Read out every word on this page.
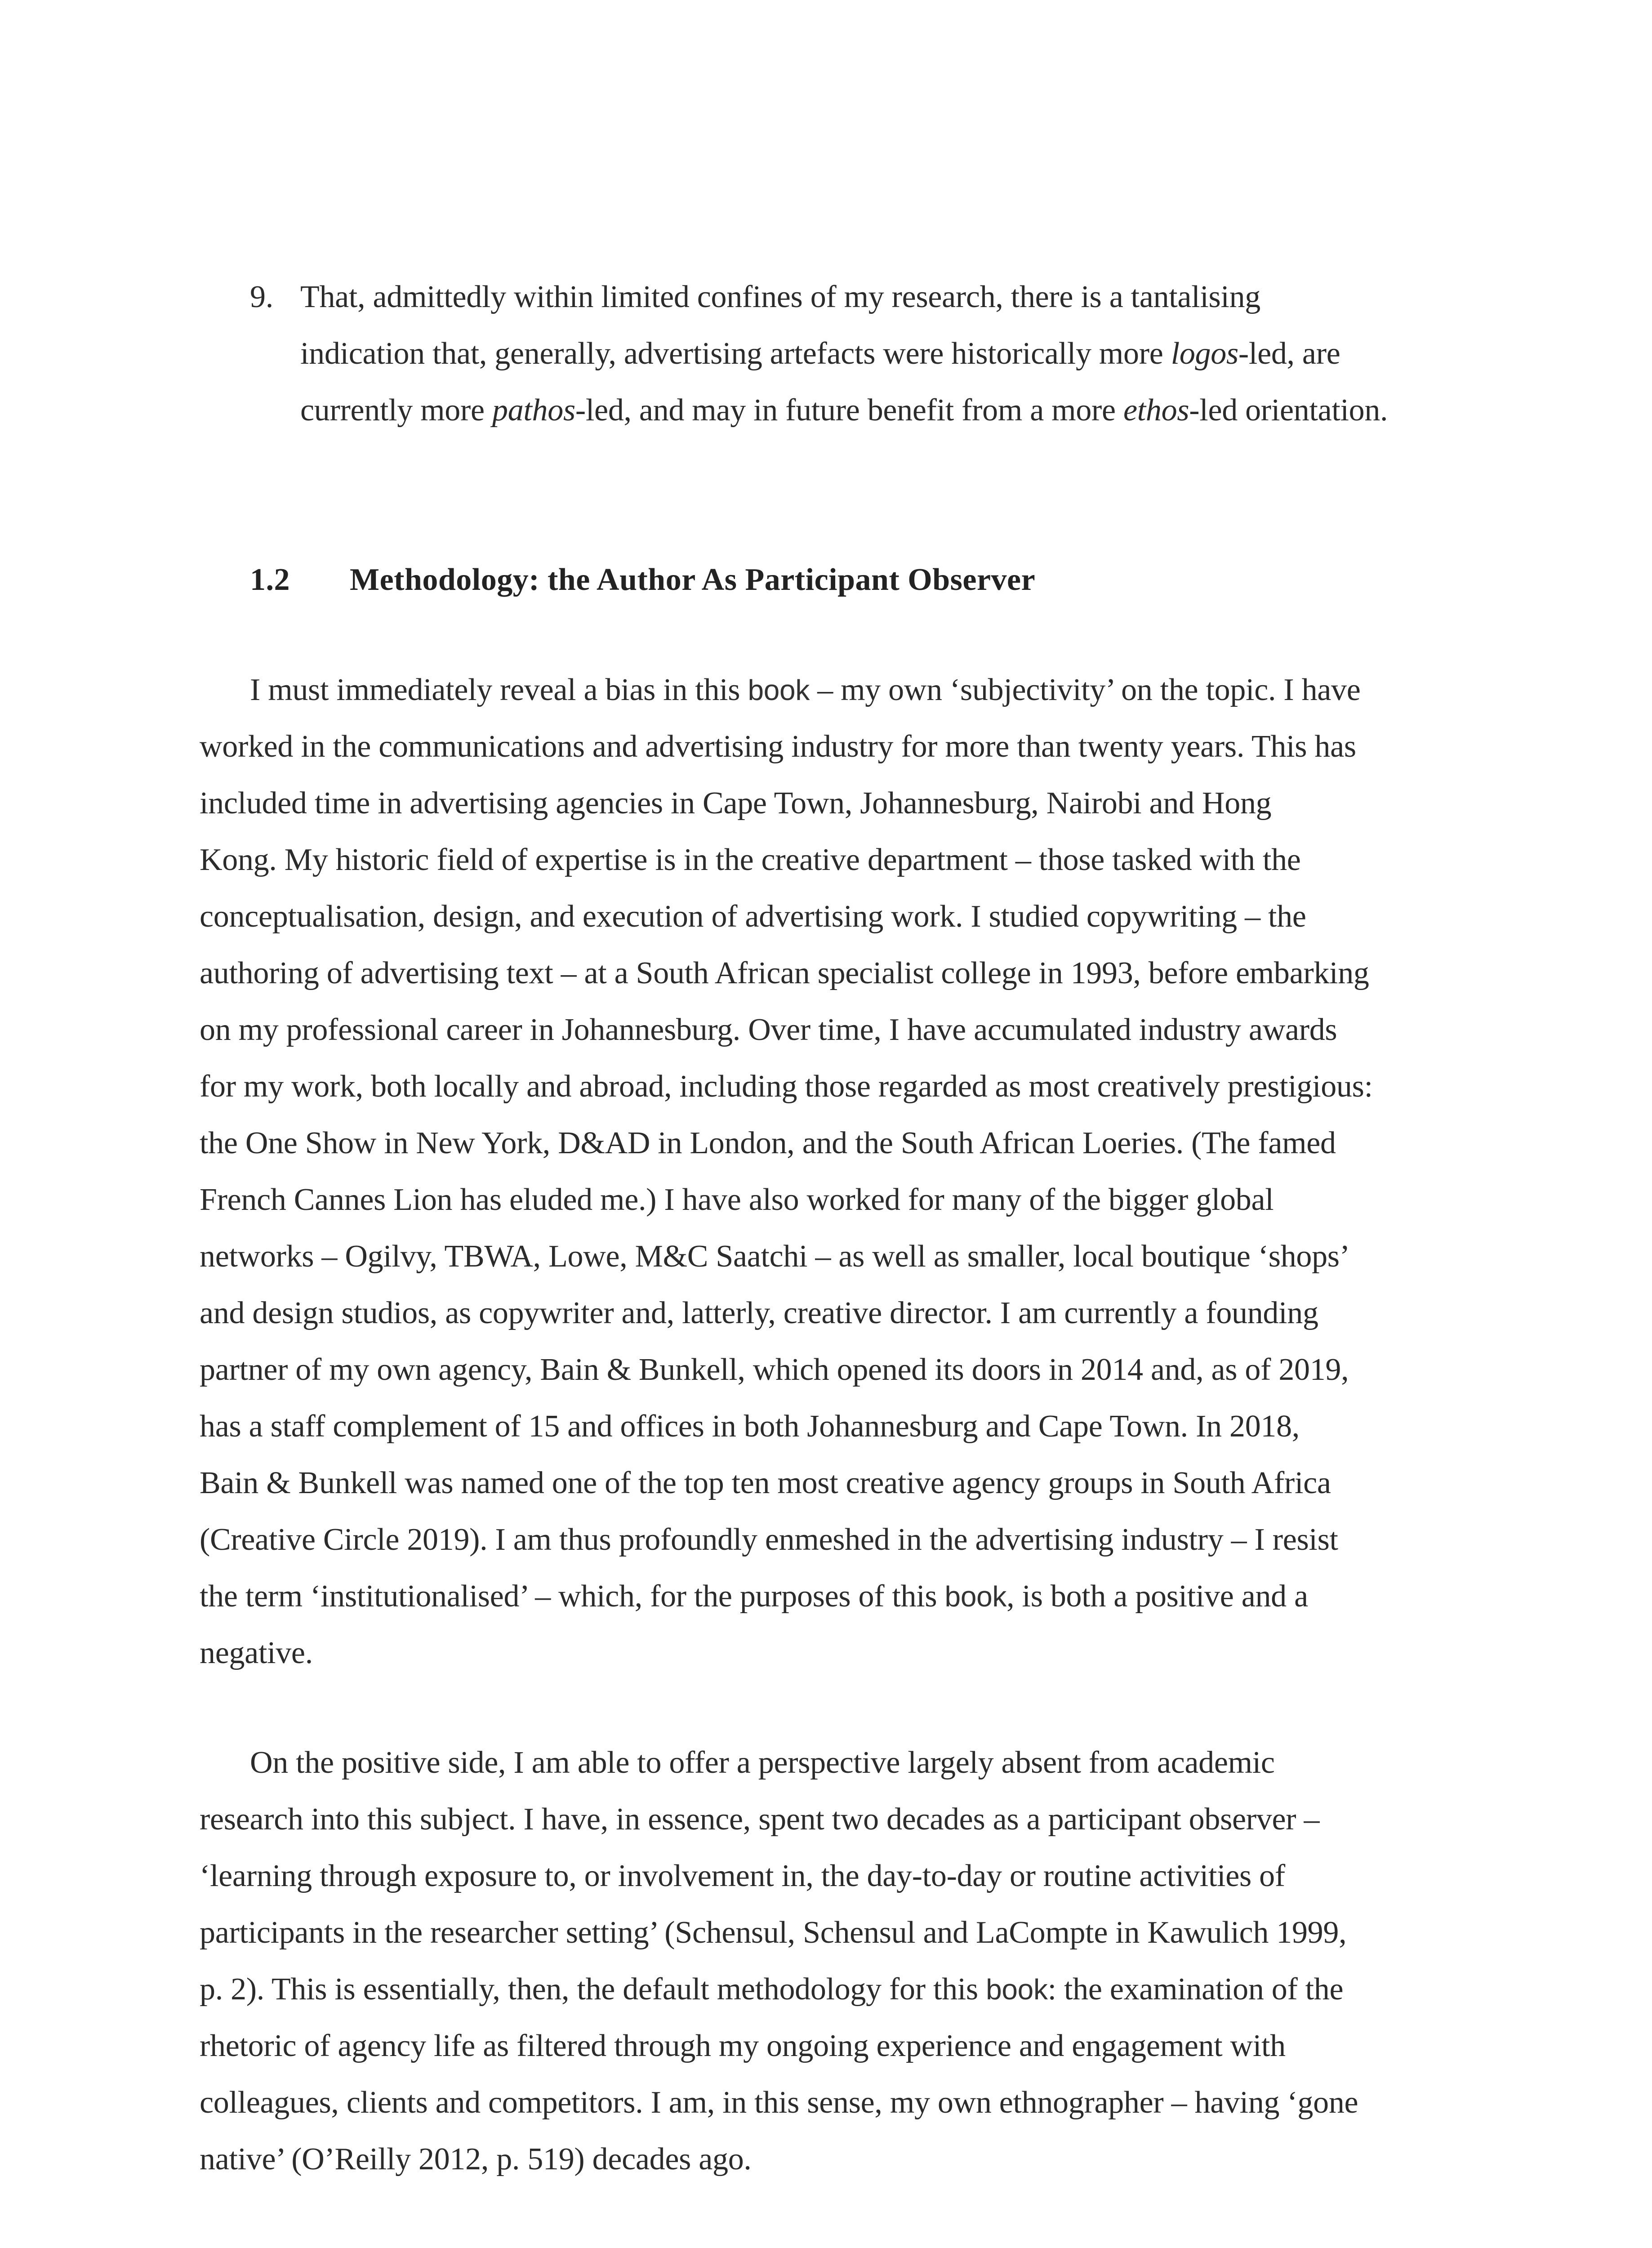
9. That, admittedly within limited confines of my research, there is a tantalising
indication that, generally, advertising artefacts were historically more logos-led, are
currently more pathos-led, and may in future benefit from a more ethos-led orientation.
1.2 Methodology: the Author As Participant Observer
I must immediately reveal a bias in this book – my own ‘subjectivity’ on the topic. I have
worked in the communications and advertising industry for more than twenty years. This has
included time in advertising agencies in Cape Town, Johannesburg, Nairobi and Hong
Kong. My historic field of expertise is in the creative department – those tasked with the
conceptualisation, design, and execution of advertising work. I studied copywriting – the
authoring of advertising text – at a South African specialist college in 1993, before embarking
on my professional career in Johannesburg. Over time, I have accumulated industry awards
for my work, both locally and abroad, including those regarded as most creatively prestigious:
the One Show in New York, D&AD in London, and the South African Loeries. (The famed
French Cannes Lion has eluded me.) I have also worked for many of the bigger global
networks – Ogilvy, TBWA, Lowe, M&C Saatchi – as well as smaller, local boutique ‘shops’
and design studios, as copywriter and, latterly, creative director. I am currently a founding
partner of my own agency, Bain & Bunkell, which opened its doors in 2014 and, as of 2019,
has a staff complement of 15 and offices in both Johannesburg and Cape Town. In 2018,
Bain & Bunkell was named one of the top ten most creative agency groups in South Africa
(Creative Circle 2019). I am thus profoundly enmeshed in the advertising industry – I resist
the term ‘institutionalised’ – which, for the purposes of this book, is both a positive and a
negative.
On the positive side, I am able to offer a perspective largely absent from academic
research into this subject. I have, in essence, spent two decades as a participant observer –
‘learning through exposure to, or involvement in, the day-to-day or routine activities of
participants in the researcher setting’ (Schensul, Schensul and LaCompte in Kawulich 1999,
p. 2). This is essentially, then, the default methodology for this book: the examination of the
rhetoric of agency life as filtered through my ongoing experience and engagement with
colleagues, clients and competitors. I am, in this sense, my own ethnographer – having ‘gone
native’ (O’Reilly 2012, p. 519) decades ago.
